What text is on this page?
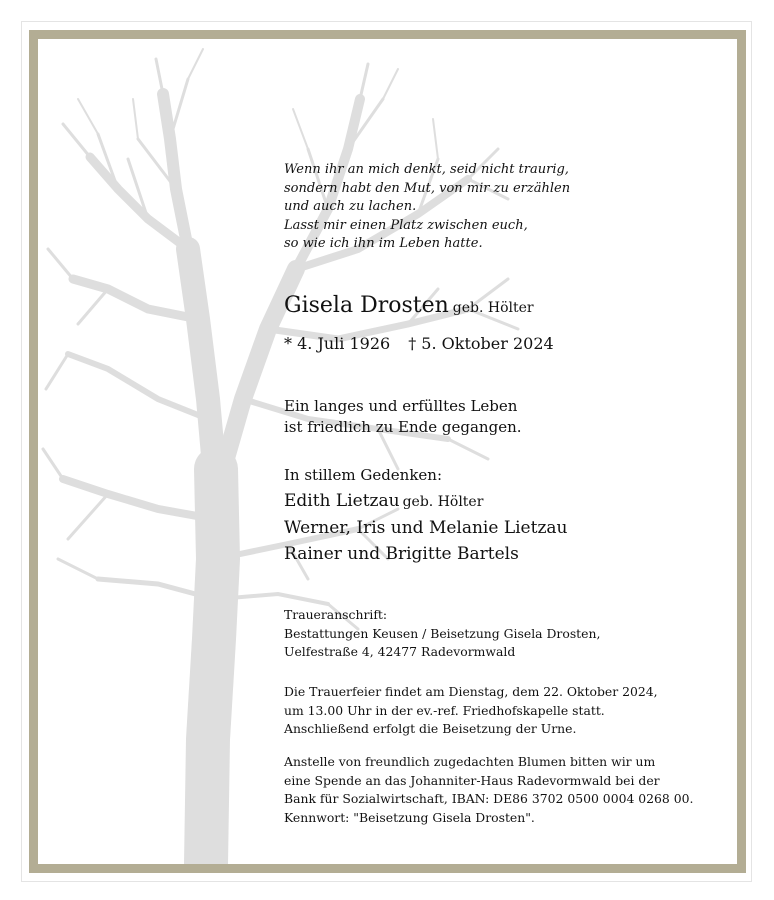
Wenn ihr an mich denkt, seid nicht traurig,
sondern habt den Mut, von mir zu erzählen
und auch zu lachen.
Lasst mir einen Platz zwischen euch,
so wie ich ihn im Leben hatte.
Gisela Drosten geb. Hölter
* 4. Juli 1926 † 5. Oktober 2024
Ein langes und erfülltes Leben
ist friedlich zu Ende gegangen.
In stillem Gedenken:
Edith Lietzau geb. Hölter
Werner, Iris und Melanie Lietzau
Rainer und Brigitte Bartels
Traueranschrift:
Bestattungen Keusen / Beisetzung Gisela Drosten,
Uelfestraße 4, 42477 Radevormwald
Die Trauerfeier findet am Dienstag, dem 22. Oktober 2024,
um 13.00 Uhr in der ev.-ref. Friedhofskapelle statt.
Anschließend erfolgt die Beisetzung der Urne.
Anstelle von freundlich zugedachten Blumen bitten wir um
eine Spende an das Johanniter-Haus Radevormwald bei der
Bank für Sozialwirtschaft, IBAN: DE86 3702 0500 0004 0268 00.
Kennwort: "Beisetzung Gisela Drosten".
